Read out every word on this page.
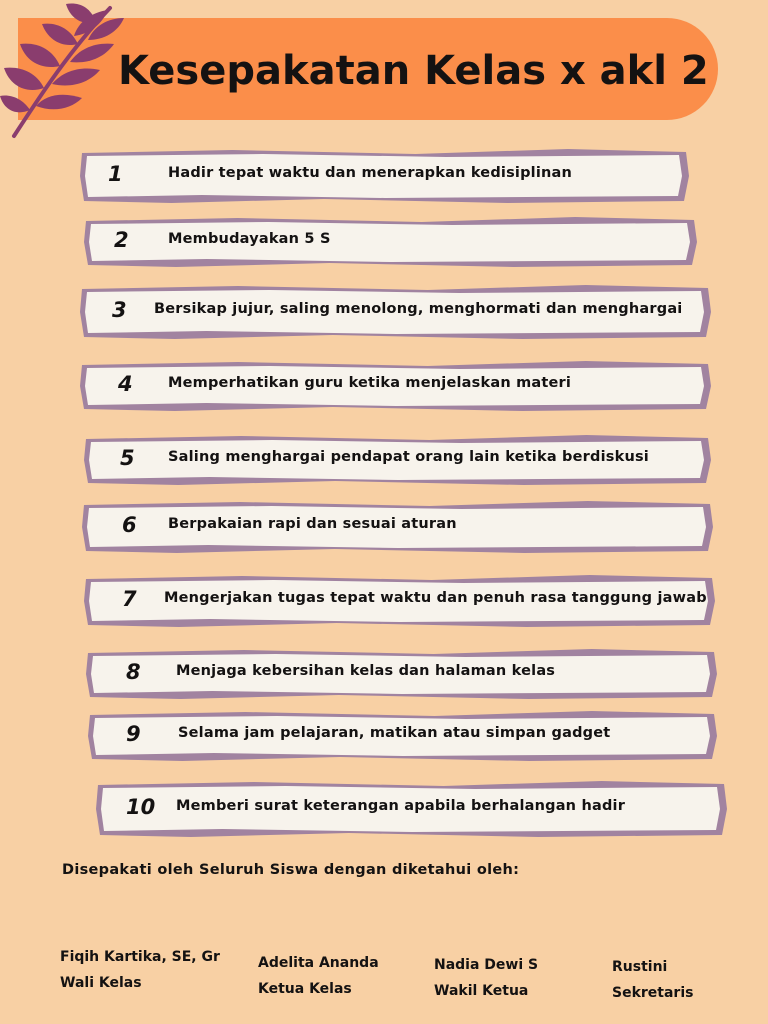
Kesepakatan Kelas x akl 2
1	Hadir tepat waktu dan menerapkan kedisiplinan
2	Membudayakan 5 S
3 Bersikap jujur, saling menolong, menghormati dan menghargai
4 Memperhatikan guru ketika menjelaskan materi
5 Saling menghargai pendapat orang lain ketika berdiskusi
6 Berpakaian rapi dan sesuai aturan
7 Mengerjakan tugas tepat waktu dan penuh rasa tanggung jawab
8 Menjaga kebersihan kelas dan halaman kelas
9	Selama jam pelajaran, matikan atau simpan gadget
10 Memberi surat keterangan apabila berhalangan hadir
Disepakati oleh Seluruh Siswa dengan diketahui oleh:
Fiqih Kartika, SE, Gr
Wali Kelas
Adelita Ananda
Ketua Kelas
Nadia Dewi S
Wakil Ketua
Rustini
Sekretaris
